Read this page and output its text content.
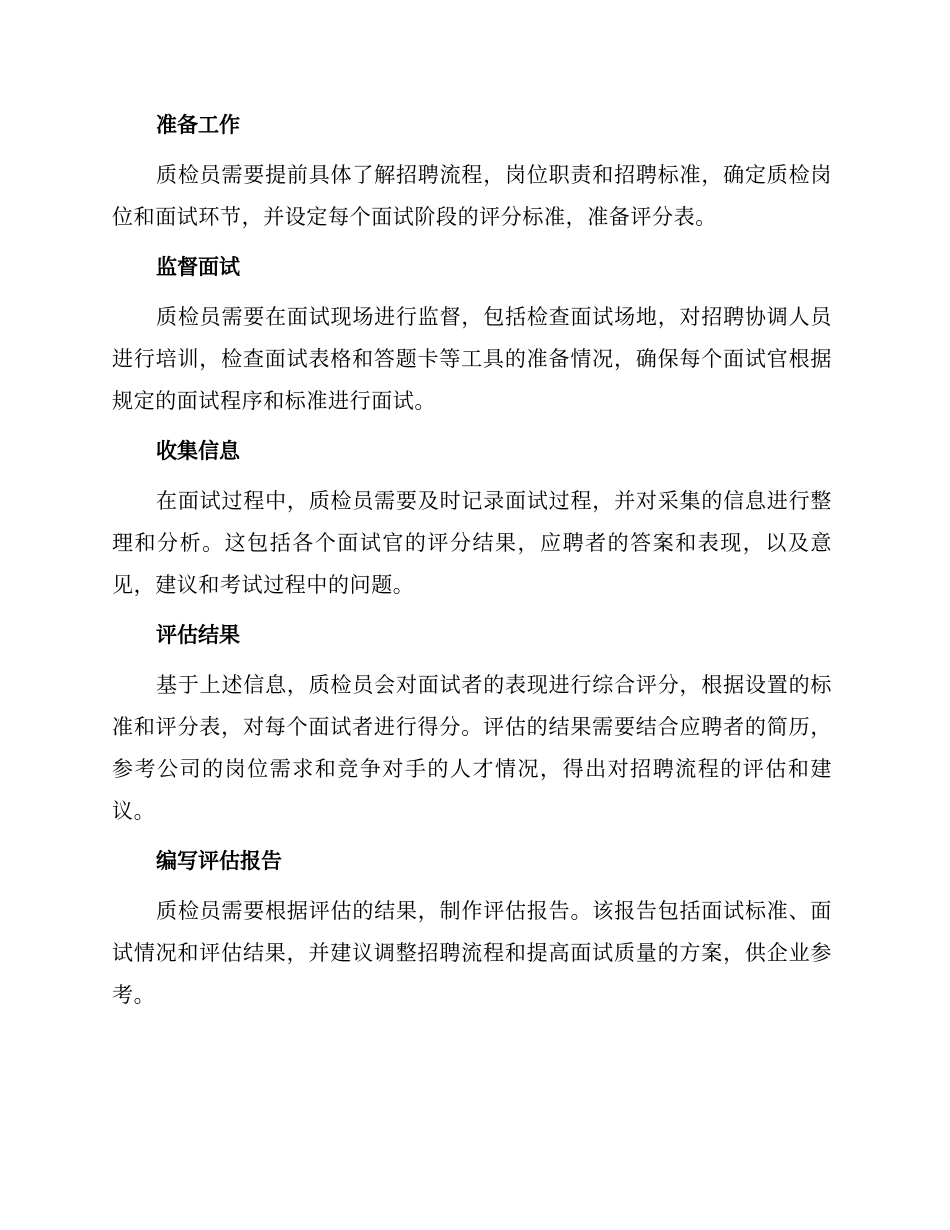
准备工作
质检员需要提前具体了解招聘流程，岗位职责和招聘标准，确定质检岗位和面试环节，并设定每个面试阶段的评分标准，准备评分表。
监督面试
质检员需要在面试现场进行监督，包括检查面试场地，对招聘协调人员进行培训，检查面试表格和答题卡等工具的准备情况，确保每个面试官根据规定的面试程序和标准进行面试。
收集信息
在面试过程中，质检员需要及时记录面试过程，并对采集的信息进行整理和分析。这包括各个面试官的评分结果，应聘者的答案和表现，以及意见，建议和考试过程中的问题。
评估结果
基于上述信息，质检员会对面试者的表现进行综合评分，根据设置的标准和评分表，对每个面试者进行得分。评估的结果需要结合应聘者的简历，参考公司的岗位需求和竞争对手的人才情况，得出对招聘流程的评估和建议。
编写评估报告
质检员需要根据评估的结果，制作评估报告。该报告包括面试标准、面试情况和评估结果，并建议调整招聘流程和提高面试质量的方案，供企业参考。
